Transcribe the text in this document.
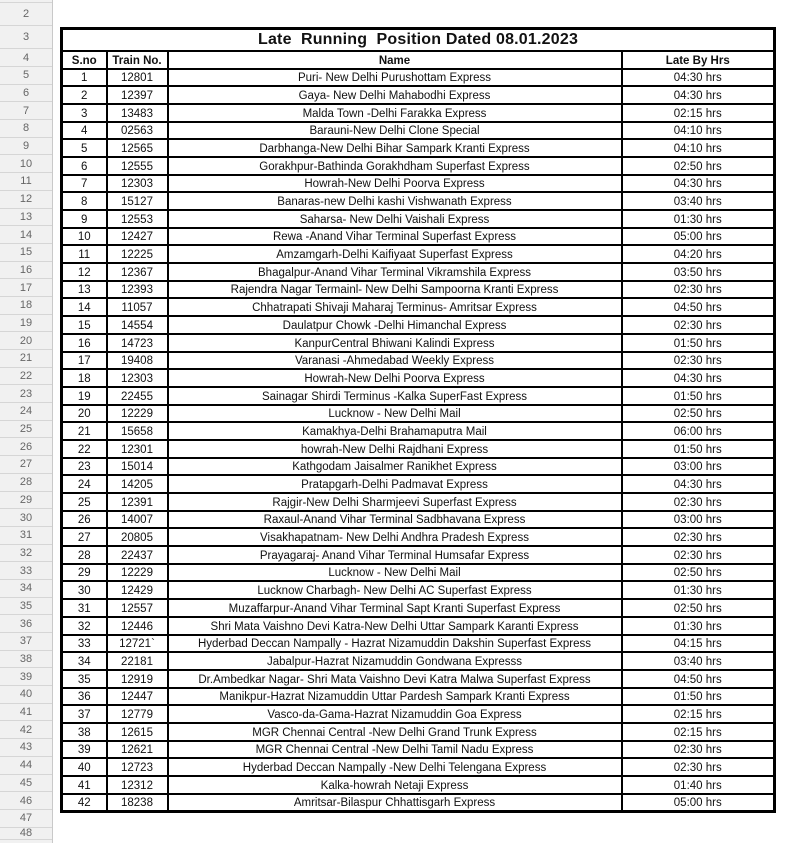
2
3
4
5
6
7
8
9
10
11
12
13
14
15
16
17
18
19
20
21
22
23
24
25
26
27
28
29
30
31
32
33
34
35
36
37
38
39
40
41
42
43
44
45
46
47
48
Late  Running  Position Dated 08.01.2023			
S.no	Train No.	Name	Late By Hrs
1	12801	Puri- New Delhi Purushottam Express	04:30 hrs
2	12397	Gaya- New Delhi Mahabodhi Express	04:30 hrs
3	13483	Malda Town -Delhi Farakka Express	02:15 hrs
4	02563	Barauni-New Delhi Clone Special	04:10 hrs
5	12565	Darbhanga-New Delhi Bihar Sampark Kranti Express	04:10 hrs
6	12555	Gorakhpur-Bathinda Gorakhdham Superfast Express	02:50 hrs
7	12303	Howrah-New Delhi Poorva Express	04:30 hrs
8	15127	Banaras-new Delhi kashi Vishwanath Express	03:40 hrs
9	12553	Saharsa- New Delhi Vaishali Express	01:30 hrs
10	12427	Rewa -Anand Vihar Terminal Superfast Express	05:00 hrs
11	12225	Amzamgarh-Delhi Kaifiyaat Superfast Express	04:20 hrs
12	12367	Bhagalpur-Anand Vihar Terminal Vikramshila Express	03:50 hrs
13	12393	Rajendra Nagar Termainl- New Delhi Sampoorna Kranti Express	02:30 hrs
14	11057	Chhatrapati Shivaji Maharaj Terminus- Amritsar Express	04:50 hrs
15	14554	Daulatpur Chowk -Delhi Himanchal Express	02:30 hrs
16	14723	KanpurCentral Bhiwani Kalindi Express	01:50 hrs
17	19408	Varanasi -Ahmedabad Weekly Express	02:30 hrs
18	12303	Howrah-New Delhi Poorva Express	04:30 hrs
19	22455	Sainagar Shirdi Terminus -Kalka SuperFast Express	01:50 hrs
20	12229	Lucknow - New Delhi Mail	02:50 hrs
21	15658	Kamakhya-Delhi Brahamaputra Mail	06:00 hrs
22	12301	howrah-New Delhi Rajdhani Express	01:50 hrs
23	15014	Kathgodam Jaisalmer Ranikhet Express	03:00 hrs
24	14205	Pratapgarh-Delhi Padmavat Express	04:30 hrs
25	12391	Rajgir-New Delhi Sharmjeevi Superfast Express	02:30 hrs
26	14007	Raxaul-Anand Vihar Terminal Sadbhavana Express	03:00 hrs
27	20805	Visakhapatnam- New Delhi Andhra Pradesh Express	02:30 hrs
28	22437	Prayagaraj- Anand Vihar Terminal Humsafar Express	02:30 hrs
29	12229	Lucknow - New Delhi Mail	02:50 hrs
30	12429	Lucknow Charbagh- New Delhi AC Superfast Express	01:30 hrs
31	12557	Muzaffarpur-Anand Vihar Terminal Sapt Kranti Superfast Express	02:50 hrs
32	12446	Shri Mata Vaishno Devi Katra-New Delhi Uttar Sampark Karanti Express	01:30 hrs
33	12721`	Hyderbad Deccan Nampally - Hazrat Nizamuddin Dakshin Superfast Express	04:15 hrs
34	22181	Jabalpur-Hazrat Nizamuddin Gondwana Expresss	03:40 hrs
35	12919	Dr.Ambedkar Nagar- Shri Mata Vaishno Devi Katra Malwa Superfast Express	04:50 hrs
36	12447	Manikpur-Hazrat Nizamuddin Uttar Pardesh Sampark Kranti Express	01:50 hrs
37	12779	Vasco-da-Gama-Hazrat Nizamuddin Goa Express	02:15 hrs
38	12615	MGR Chennai Central -New Delhi Grand Trunk Express	02:15 hrs
39	12621	MGR Chennai Central -New Delhi Tamil Nadu Express	02:30 hrs
40	12723	Hyderbad Deccan Nampally -New Delhi Telengana Express	02:30 hrs
41	12312	Kalka-howrah Netaji Express	01:40 hrs
42	18238	Amritsar-Bilaspur Chhattisgarh Express	05:00 hrs
